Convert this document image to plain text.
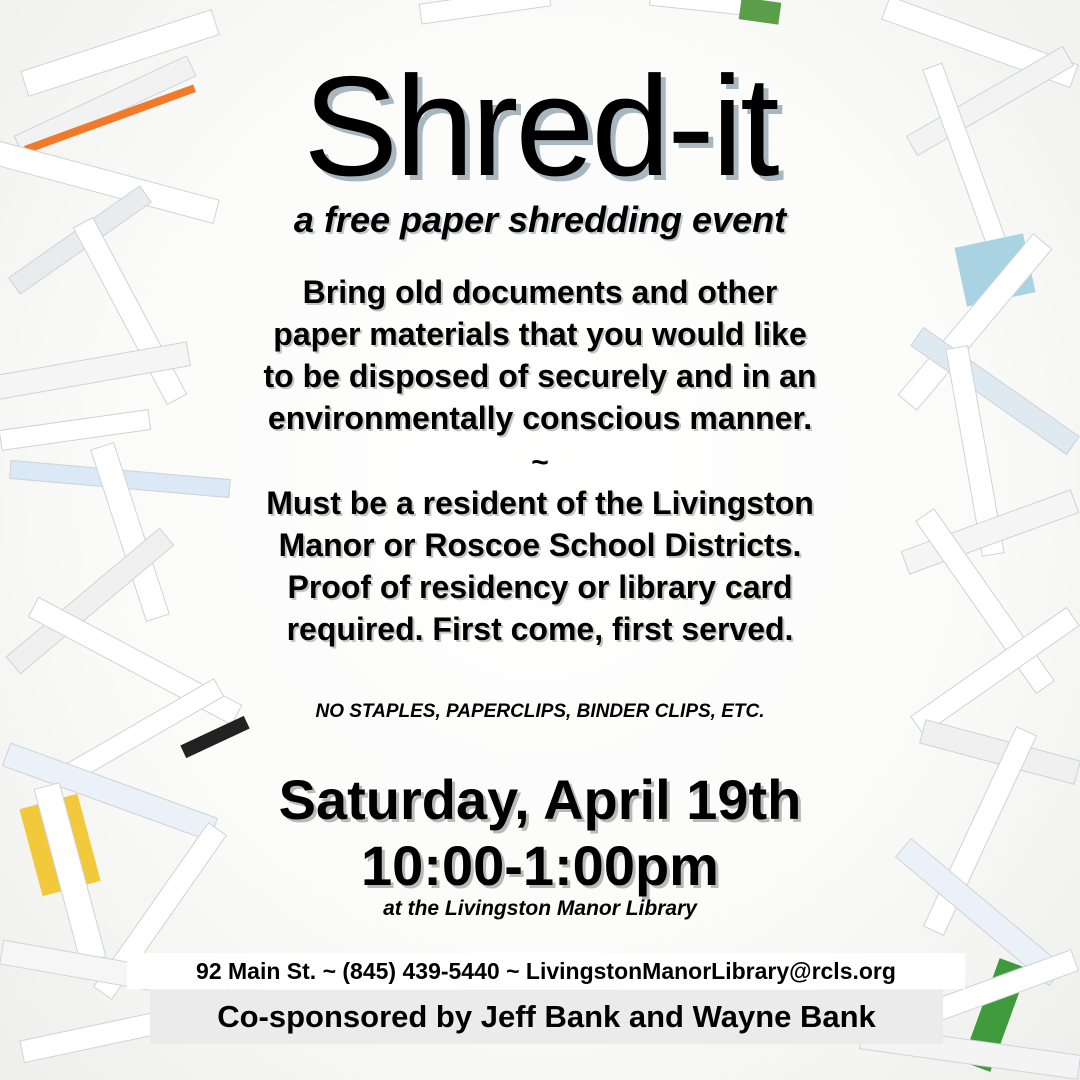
Shred-it
a free paper shredding event
Bring old documents and other
paper materials that you would like
to be disposed of securely and in an
environmentally conscious manner.
~
Must be a resident of the Livingston
Manor or Roscoe School Districts.
Proof of residency or library card
required. First come, first served.
NO STAPLES, PAPERCLIPS, BINDER CLIPS, ETC.
Saturday, April 19th
10:00-1:00pm
at the Livingston Manor Library
92 Main St. ~ (845) 439-5440 ~ LivingstonManorLibrary@rcls.org
Co-sponsored by Jeff Bank and Wayne Bank
